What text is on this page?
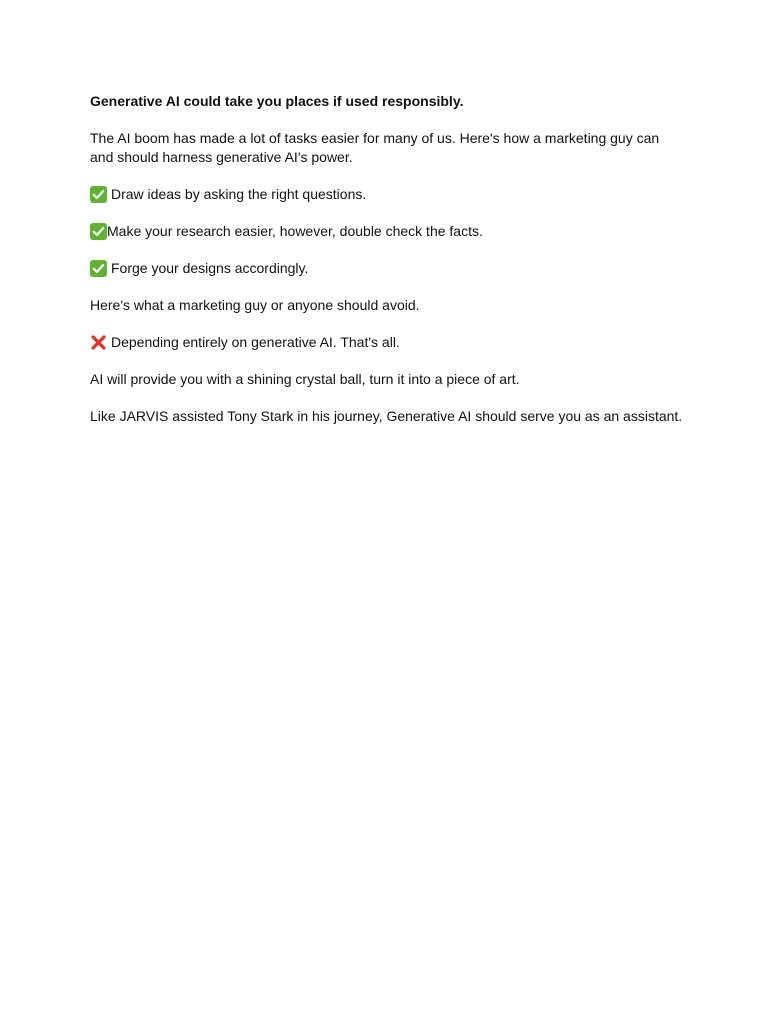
Generative AI could take you places if used responsibly.

The AI boom has made a lot of tasks easier for many of us. Here's how a marketing guy can and should harness generative AI's power.

Draw ideas by asking the right questions.
Make your research easier, however, double check the facts.
Forge your designs accordingly.

Here's what a marketing guy or anyone should avoid.

Depending entirely on generative AI. That's all.

AI will provide you with a shining crystal ball, turn it into a piece of art.

Like JARVIS assisted Tony Stark in his journey, Generative AI should serve you as an assistant.
